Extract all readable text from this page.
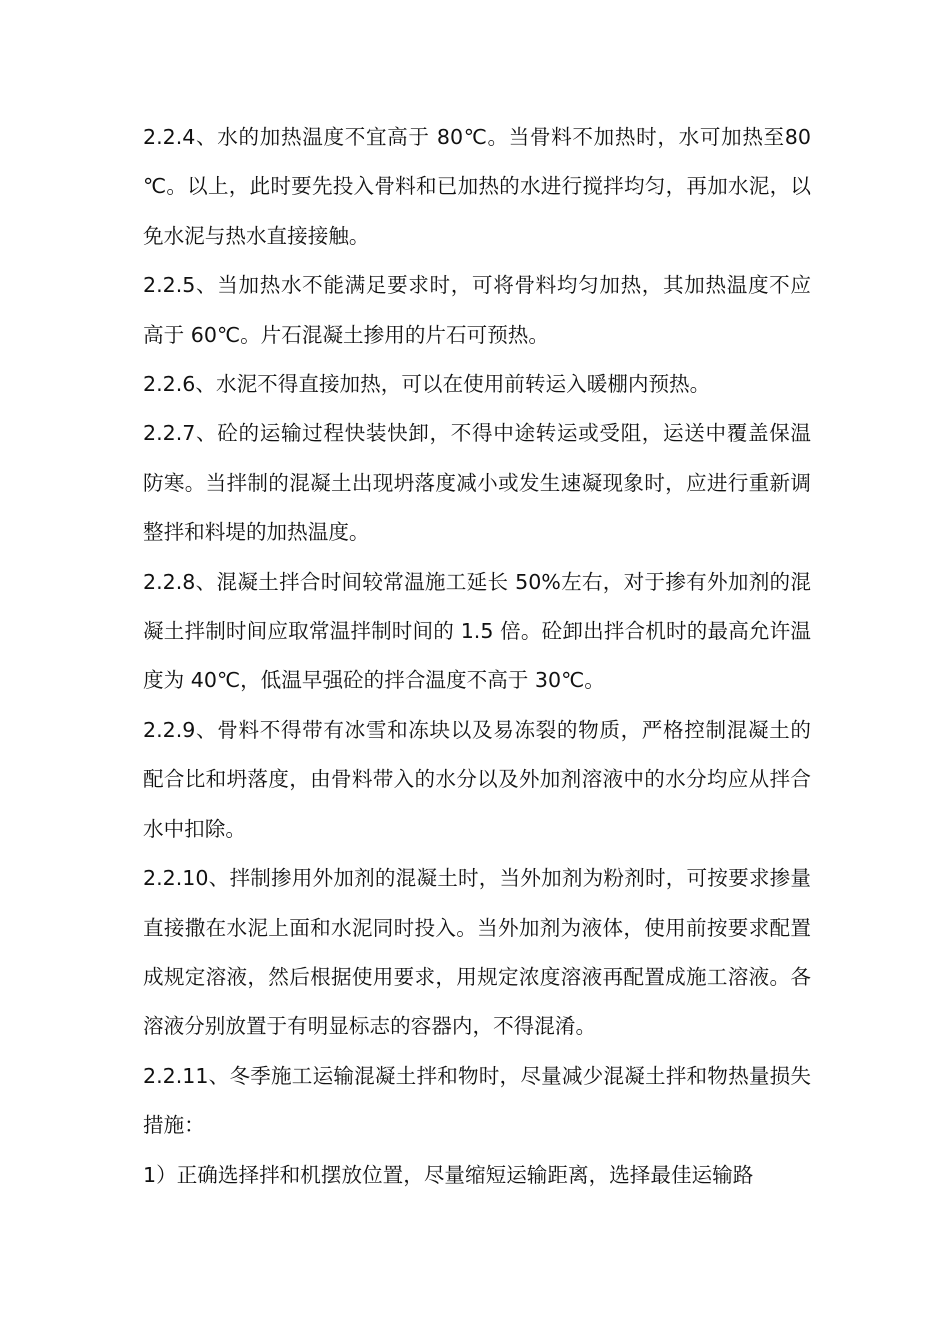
2.2.4、水的加热温度不宜高于 80℃。当骨料不加热时，水可加热至80℃。以上，此时要先投入骨料和已加热的水进行搅拌均匀，再加水泥，以免水泥与热水直接接触。

2.2.5、当加热水不能满足要求时，可将骨料均匀加热，其加热温度不应高于 60℃。片石混凝土掺用的片石可预热。

2.2.6、水泥不得直接加热，可以在使用前转运入暖棚内预热。

2.2.7、砼的运输过程快装快卸，不得中途转运或受阻，运送中覆盖保温防寒。当拌制的混凝土出现坍落度减小或发生速凝现象时，应进行重新调整拌和料堤的加热温度。

2.2.8、混凝土拌合时间较常温施工延长 50%左右，对于掺有外加剂的混凝土拌制时间应取常温拌制时间的 1.5 倍。砼卸出拌合机时的最高允许温度为 40℃，低温早强砼的拌合温度不高于 30℃。

2.2.9、骨料不得带有冰雪和冻块以及易冻裂的物质，严格控制混凝土的配合比和坍落度，由骨料带入的水分以及外加剂溶液中的水分均应从拌合水中扣除。

2.2.10、拌制掺用外加剂的混凝土时，当外加剂为粉剂时，可按要求掺量直接撒在水泥上面和水泥同时投入。当外加剂为液体，使用前按要求配置成规定溶液，然后根据使用要求，用规定浓度溶液再配置成施工溶液。各溶液分别放置于有明显标志的容器内，不得混淆。

2.2.11、冬季施工运输混凝土拌和物时，尽量减少混凝土拌和物热量损失措施：

1）正确选择拌和机摆放位置，尽量缩短运输距离，选择最佳运输路
